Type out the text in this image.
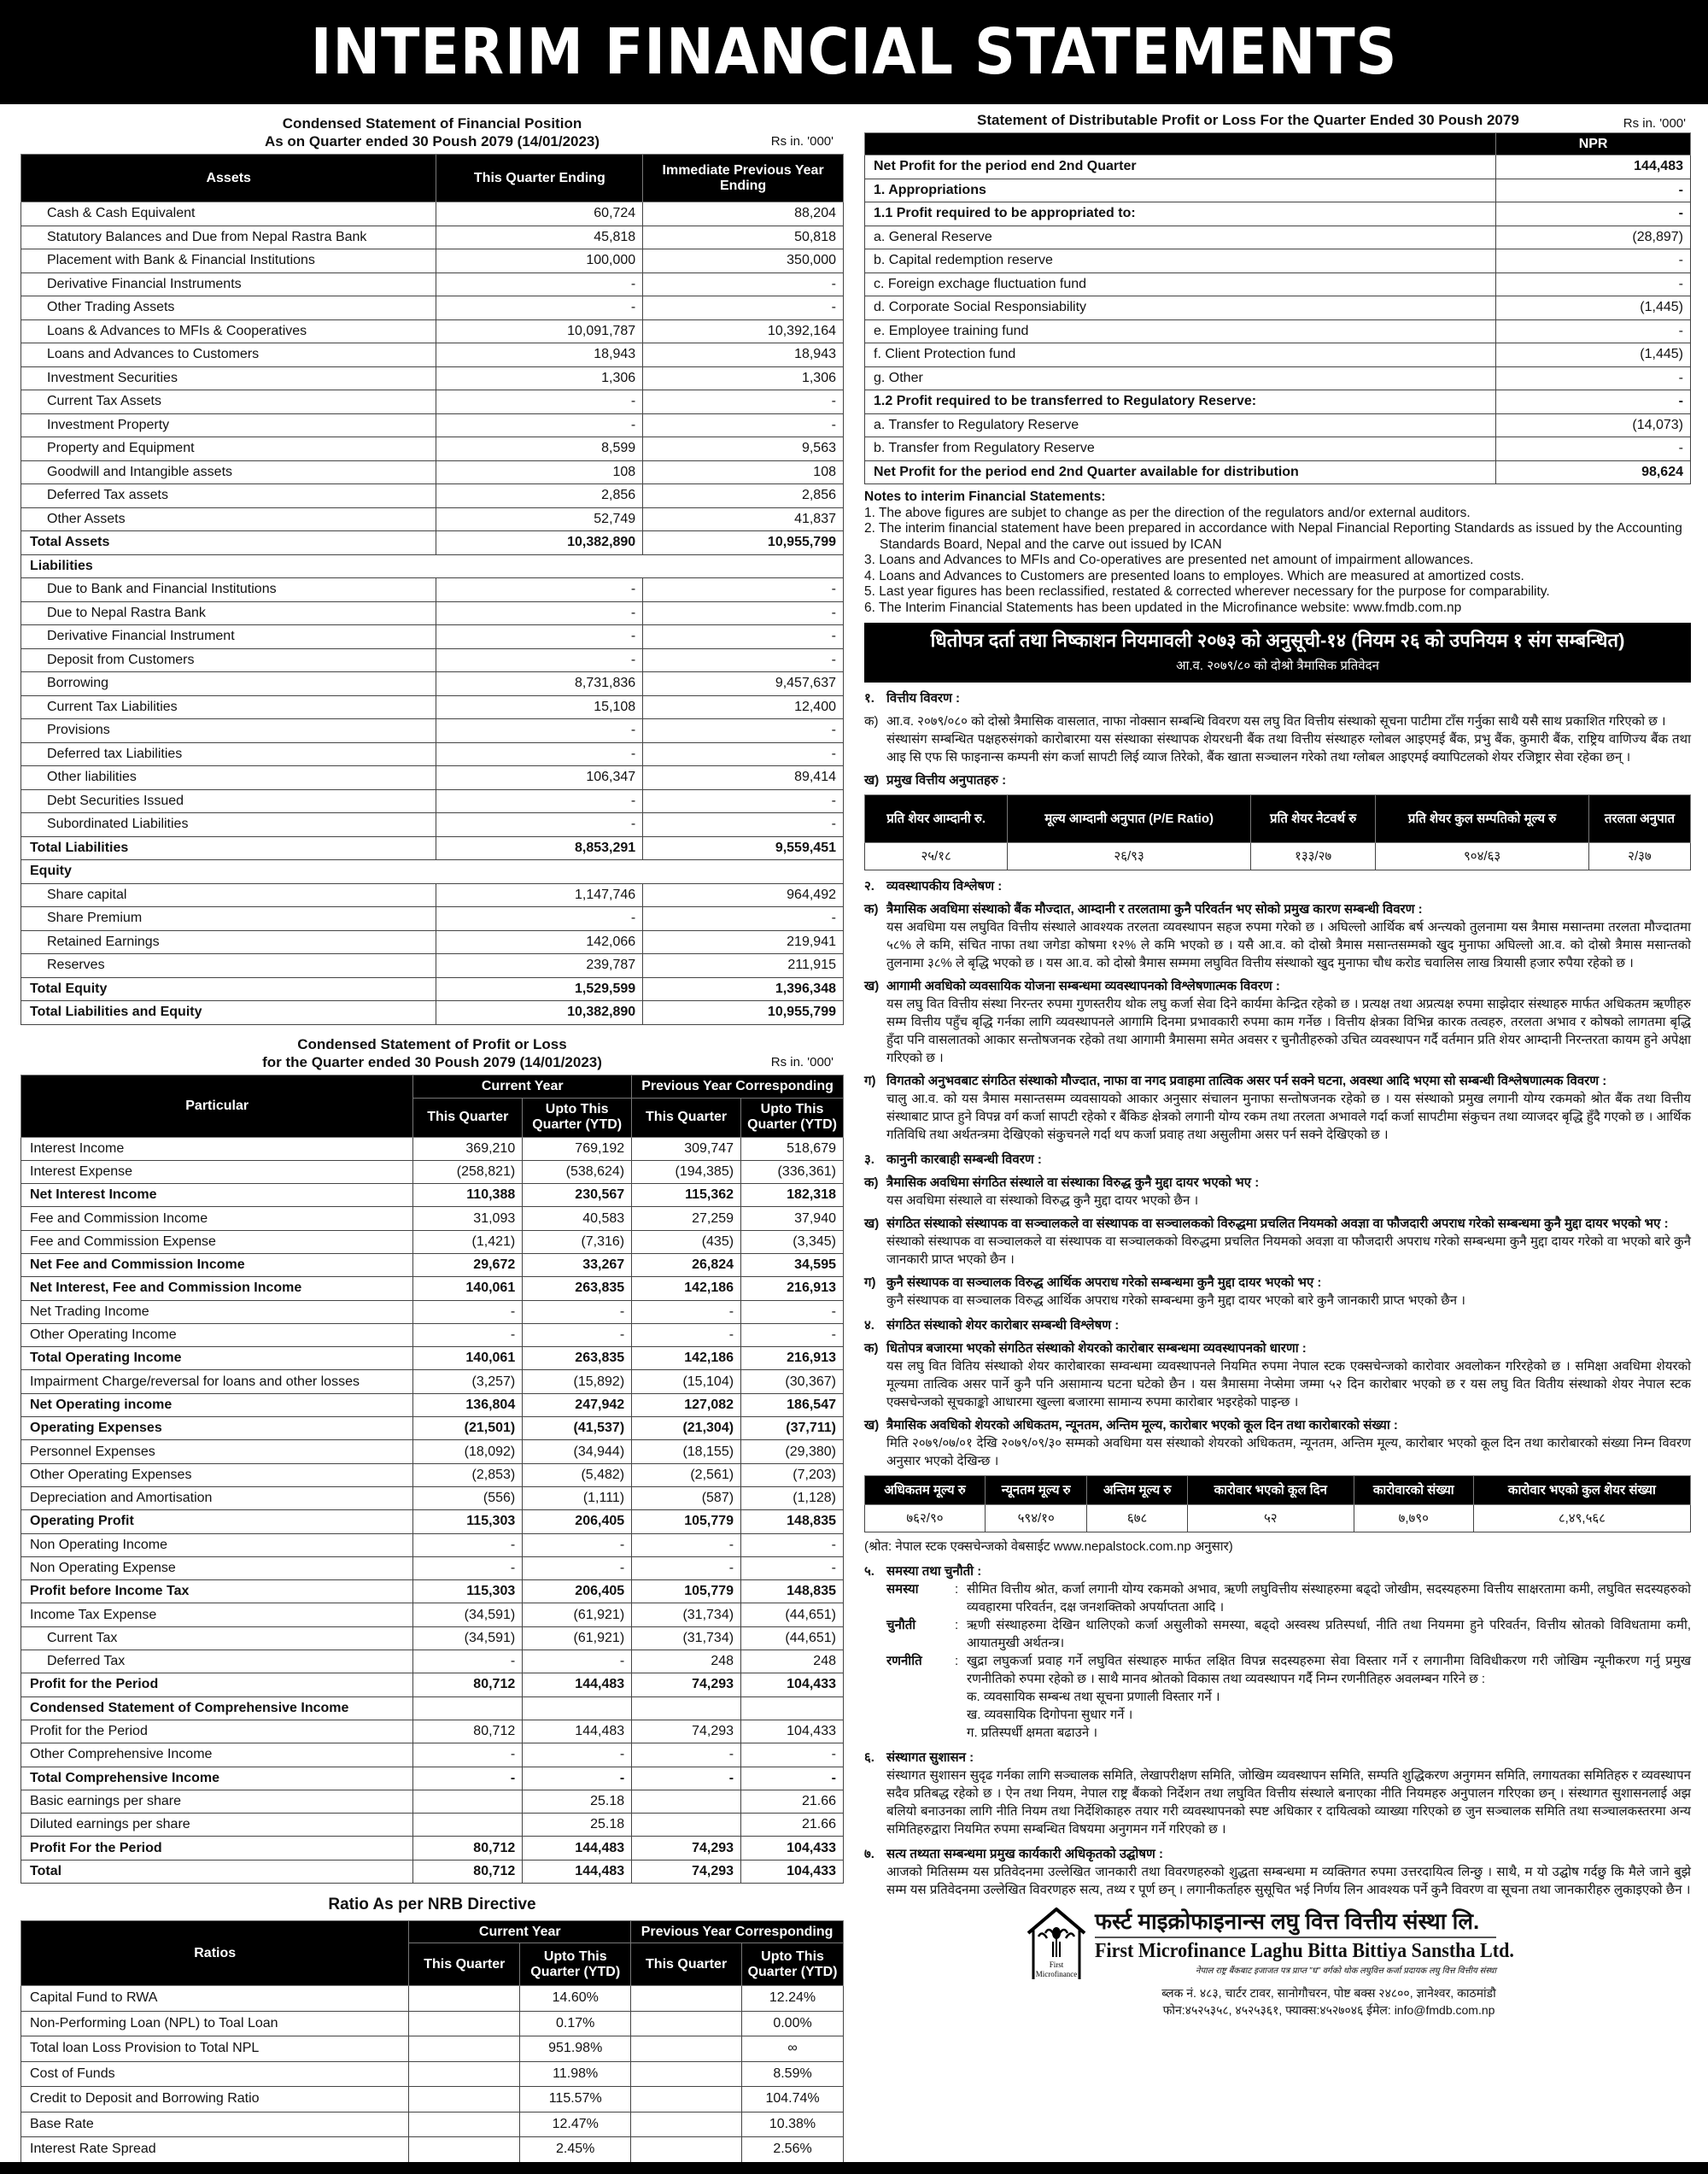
INTERIM FINANCIAL STATEMENTS
Condensed Statement of Financial Position
As on Quarter ended 30 Poush 2079 (14/01/2023)	Rs in. '000'
Assets	This Quarter Ending	Immediate Previous Year Ending
Cash & Cash Equivalent	60,724	88,204
Statutory Balances and Due from Nepal Rastra Bank	45,818	50,818
Placement with Bank & Financial Institutions	100,000	350,000
Derivative Financial Instruments	-	-
Other Trading Assets	-	-
Loans & Advances to MFIs & Cooperatives	10,091,787	10,392,164
Loans and Advances to Customers	18,943	18,943
Investment Securities	1,306	1,306
Current Tax Assets	-	-
Investment Property	-	-
Property and Equipment	8,599	9,563
Goodwill and Intangible assets	108	108
Deferred Tax assets	2,856	2,856
Other Assets	52,749	41,837
Total Assets	10,382,890	10,955,799
Liabilities		
Due to Bank and Financial Institutions	-	-
Due to Nepal Rastra Bank	-	-
Derivative Financial Instrument	-	-
Deposit from Customers	-	-
Borrowing	8,731,836	9,457,637
Current Tax Liabilities	15,108	12,400
Provisions	-	-
Deferred tax Liabilities	-	-
Other liabilities	106,347	89,414
Debt Securities Issued	-	-
Subordinated Liabilities	-	-
Total Liabilities	8,853,291	9,559,451
Equity		
Share capital	1,147,746	964,492
Share Premium	-	-
Retained Earnings	142,066	219,941
Reserves	239,787	211,915
Total Equity	1,529,599	1,396,348
Total Liabilities and Equity	10,382,890	10,955,799
Condensed Statement of Profit or Loss
for the Quarter ended 30 Poush 2079 (14/01/2023)	Rs in. '000'
Particular	Current Year		Previous Year Corresponding	
	This Quarter	Upto This Quarter (YTD)	This Quarter	Upto This Quarter (YTD)
Interest Income	369,210	769,192	309,747	518,679
Interest Expense	(258,821)	(538,624)	(194,385)	(336,361)
Net Interest Income	110,388	230,567	115,362	182,318
Fee and Commission Income	31,093	40,583	27,259	37,940
Fee and Commission Expense	(1,421)	(7,316)	(435)	(3,345)
Net Fee and Commission Income	29,672	33,267	26,824	34,595
Net Interest, Fee and Commission Income	140,061	263,835	142,186	216,913
Net Trading Income	-	-	-	-
Other Operating Income	-	-	-	-
Total Operating Income	140,061	263,835	142,186	216,913
Impairment Charge/reversal for loans and other losses	(3,257)	(15,892)	(15,104)	(30,367)
Net Operating income	136,804	247,942	127,082	186,547
Operating Expenses	(21,501)	(41,537)	(21,304)	(37,711)
Personnel Expenses	(18,092)	(34,944)	(18,155)	(29,380)
Other Operating Expenses	(2,853)	(5,482)	(2,561)	(7,203)
Depreciation and Amortisation	(556)	(1,111)	(587)	(1,128)
Operating Profit	115,303	206,405	105,779	148,835
Non Operating Income	-	-	-	-
Non Operating Expense	-	-	-	-
Profit before Income Tax	115,303	206,405	105,779	148,835
Income Tax Expense	(34,591)	(61,921)	(31,734)	(44,651)
Current Tax	(34,591)	(61,921)	(31,734)	(44,651)
Deferred Tax	-	-	248	248
Profit for the Period	80,712	144,483	74,293	104,433
Condensed Statement of Comprehensive Income				
Profit for the Period	80,712	144,483	74,293	104,433
Other Comprehensive Income	-	-	-	-
Total Comprehensive Income	-	-	-	-
Basic earnings per share		25.18		21.66
Diluted earnings per share		25.18		21.66
Profit For the Period	80,712	144,483	74,293	104,433
Total	80,712	144,483	74,293	104,433
Ratio As per NRB Directive
Ratios	Current Year		Previous Year Corresponding	
	This Quarter	Upto This Quarter (YTD)	This Quarter	Upto This Quarter (YTD)
Capital Fund to RWA		14.60%		12.24%
Non-Performing Loan (NPL) to Toal Loan		0.17%		0.00%
Total loan Loss Provision to Total NPL		951.98%		∞
Cost of Funds		11.98%		8.59%
Credit to Deposit and Borrowing Ratio		115.57%		104.74%
Base Rate		12.47%		10.38%
Interest Rate Spread		2.45%		2.56%
Statement of Distributable Profit or Loss For the Quarter Ended 30 Poush 2079	Rs in. '000'
	NPR
Net Profit for the period end 2nd Quarter	144,483
1. Appropriations	-
1.1 Profit required to be appropriated to:	-
a. General Reserve	(28,897)
b. Capital redemption reserve	-
c. Foreign exchage fluctuation fund	-
d. Corporate Social Responsiability	(1,445)
e. Employee training fund	-
f. Client Protection fund	(1,445)
g. Other	-
1.2 Profit required to be transferred to Regulatory Reserve:	-
a. Transfer to Regulatory Reserve	(14,073)
b. Transfer from Regulatory Reserve	-
Net Profit for the period end 2nd Quarter available for distribution	98,624
Notes to interim Financial Statements:
1. The above figures are subjet to change as per the direction of the regulators and/or external auditors.
2. The interim financial statement have been prepared in accordance with Nepal Financial Reporting Standards as issued by the Accounting Standards Board, Nepal and the carve out issued by ICAN
3. Loans and Advances to MFIs and Co-operatives are presented net amount of impairment allowances.
4. Loans and Advances to Customers are presented loans to employes. Which are measured at amortized costs.
5. Last year figures has been reclassified, restated & corrected wherever necessary for the purpose for comparability.
6. The Interim Financial Statements has been updated in the Microfinance website: www.fmdb.com.np
धितोपत्र दर्ता तथा निष्काशन नियमावली २०७३ को अनुसूची-१४ (नियम २६ को उपनियम १ संग सम्बन्धित)
आ.व. २०७९/८० को दोश्रो त्रैमासिक प्रतिवेदन
१. वित्तीय विवरण :
क) आ.व. २०७९/०८० को दोस्रो त्रैमासिक वासलात, नाफा नोक्सान सम्बन्धि विवरण यस लघु वित वित्तीय संस्थाको सूचना पाटीमा टाँस गर्नुका साथै यसै साथ प्रकाशित गरिएको छ ।
संस्थासंग सम्बन्धित पक्षहरुसंगको कारोबारमा यस संस्थाका संस्थापक शेयरधनी बैंक तथा वित्तीय संस्थाहरु ग्लोबल आइएमई बैंक, प्रभु बैंक, कुमारी बैंक, राष्ट्रिय वाणिज्य बैंक तथा आइ सि एफ सि फाइनान्स कम्पनी संग कर्जा सापटी लिई व्याज तिरेको, बैंक खाता सञ्चालन गरेको तथा ग्लोबल आइएमई क्यापिटलको शेयर रजिष्ट्रार सेवा रहेका छन् ।
ख) प्रमुख वित्तीय अनुपातहरु :
प्रति शेयर आम्दानी रु.	मूल्य आम्दानी अनुपात (P/E Ratio)	प्रति शेयर नेटवर्थ रु	प्रति शेयर कुल सम्पतिको मूल्य रु	तरलता अनुपात
२५/१८	२६/९३	१३३/२७	९०४/६३	२/३७
२. व्यवस्थापकीय विश्लेषण :
क) त्रैमासिक अवधिमा संस्थाको बैंक मौज्दात, आम्दानी र तरलतामा कुनै परिवर्तन भए सोको प्रमुख कारण सम्बन्धी विवरण :
यस अवधिमा यस लघुवित वित्तीय संस्थाले आवश्यक तरलता व्यवस्थापन सहज रुपमा गरेको छ । अघिल्लो आर्थिक बर्ष अन्त्यको तुलनामा यस त्रैमास मसान्तमा तरलता मौज्दातमा ५८% ले कमि, संचित नाफा तथा जगेडा कोषमा १२% ले कमि भएको छ । यसै आ.व. को दोस्रो त्रैमास मसान्तसम्मको खुद मुनाफा अघिल्लो आ.व. को दोस्रो त्रैमास मसान्तको तुलनामा ३८% ले बृद्धि भएको छ । यस आ.व. को दोस्रो त्रैमास सम्ममा लघुवित वित्तीय संस्थाको खुद मुनाफा चौध करोड चवालिस लाख त्रियासी हजार रुपैया रहेको छ ।
ख) आगामी अवधिको व्यवसायिक योजना सम्बन्धमा व्यवस्थापनको विश्लेषणात्मक विवरण :
यस लघु वित वित्तीय संस्था निरन्तर रुपमा गुणस्तरीय थोक लघु कर्जा सेवा दिने कार्यमा केन्द्रित रहेको छ । प्रत्यक्ष तथा अप्रत्यक्ष रुपमा साझेदार संस्थाहरु मार्फत अधिकतम ऋणीहरु सम्म वित्तीय पहुँच बृद्धि गर्नका लागि व्यवस्थापनले आगामि दिनमा प्रभावकारी रुपमा काम गर्नेछ । वित्तीय क्षेत्रका विभिन्न कारक तत्वहरु, तरलता अभाव र कोषको लागतमा बृद्धि हुँदा पनि वासलातको आकार सन्तोषजनक रहेको तथा आगामी त्रैमासमा समेत अवसर र चुनौतीहरुको उचित व्यवस्थापन गर्दै वर्तमान प्रति शेयर आम्दानी निरन्तरता कायम हुने अपेक्षा गरिएको छ ।
ग) विगतको अनुभवबाट संगठित संस्थाको मौज्दात, नाफा वा नगद प्रवाहमा तात्विक असर पर्न सक्ने घटना, अवस्था आदि भएमा सो सम्बन्धी विश्लेषणात्मक विवरण :
चालु आ.व. को यस त्रैमास मसान्तसम्म व्यवसायको आकार अनुसार संचालन मुनाफा सन्तोषजनक रहेको छ । यस संस्थाको प्रमुख लगानी योग्य रकमको श्रोत बैंक तथा वित्तीय संस्थाबाट प्राप्त हुने विपन्न वर्ग कर्जा सापटी रहेको र बैंकिङ क्षेत्रको लगानी योग्य रकम तथा तरलता अभावले गर्दा कर्जा सापटीमा संकुचन तथा व्याजदर बृद्धि हुँदै गएको छ । आर्थिक गतिविधि तथा अर्थतन्त्रमा देखिएको संकुचनले गर्दा थप कर्जा प्रवाह तथा असुलीमा असर पर्न सक्ने देखिएको छ ।
३. कानुनी कारबाही सम्बन्धी विवरण :
क) त्रैमासिक अवधिमा संगठित संस्थाले वा संस्थाका विरुद्ध कुनै मुद्दा दायर भएको भए :
यस अवधिमा संस्थाले वा संस्थाको विरुद्ध कुनै मुद्दा दायर भएको छैन ।
ख) संगठित संस्थाको संस्थापक वा सञ्चालकले वा संस्थापक वा सञ्चालकको विरुद्धमा प्रचलित नियमको अवज्ञा वा फौजदारी अपराध गरेको सम्बन्धमा कुनै मुद्दा दायर भएको भए :
संस्थाको संस्थापक वा सञ्चालकले वा संस्थापक वा सञ्चालकको विरुद्धमा प्रचलित नियमको अवज्ञा वा फौजदारी अपराध गरेको सम्बन्धमा कुनै मुद्दा दायर गरेको वा भएको बारे कुनै जानकारी प्राप्त भएको छैन ।
ग) कुनै संस्थापक वा सञ्चालक विरुद्ध आर्थिक अपराध गरेको सम्बन्धमा कुनै मुद्दा दायर भएको भए :
कुनै संस्थापक वा सञ्चालक विरुद्ध आर्थिक अपराध गरेको सम्बन्धमा कुनै मुद्दा दायर भएको बारे कुनै जानकारी प्राप्त भएको छैन ।
४. संगठित संस्थाको शेयर कारोबार सम्बन्धी विश्लेषण :
क) धितोपत्र बजारमा भएको संगठित संस्थाको शेयरको कारोबार सम्बन्धमा व्यवस्थापनको धारणा :
यस लघु वित वितिय संस्थाको शेयर कारोबारका सम्वन्धमा व्यवस्थापनले नियमित रुपमा नेपाल स्टक एक्सचेन्जको कारोवार अवलोकन गरिरहेको छ । समिक्षा अवधिमा शेयरको मूल्यमा तात्विक असर पार्ने कुनै पनि असामान्य घटना घटेको छैन । यस त्रैमासमा नेप्सेमा जम्मा ५२ दिन कारोबार भएको छ र यस लघु वित वितीय संस्थाको शेयर नेपाल स्टक एक्सचेन्जको सूचकाङ्को आधारमा खुल्ला बजारमा सामान्य रुपमा कारोबार भइरहेको पाइन्छ ।
ख) त्रैमासिक अवधिको शेयरको अधिकतम, न्यूनतम, अन्तिम मूल्य, कारोबार भएको कूल दिन तथा कारोबारको संख्या :
मिति २०७९/०७/०१ देखि २०७९/०९/३० सम्मको अवधिमा यस संस्थाको शेयरको अधिकतम, न्यूनतम, अन्तिम मूल्य, कारोबार भएको कूल दिन तथा कारोबारको संख्या निम्न विवरण अनुसार भएको देखिन्छ ।
अधिकतम मूल्य रु	न्यूनतम मूल्य रु	अन्तिम मूल्य रु	कारोवार भएको कूल दिन	कारोवारको संख्या	कारोवार भएको कुल शेयर संख्या
७६२/९०	५९४/१०	६७८	५२	७,७९०	८,४९,५६८
(श्रोत: नेपाल स्टक एक्सचेन्जको वेबसाईट www.nepalstock.com.np अनुसार)
५. समस्या तथा चुनौती :
समस्या	: सीमित वित्तीय श्रोत, कर्जा लगानी योग्य रकमको अभाव, ऋणी लघुवित्तीय संस्थाहरुमा बढ्दो जोखीम, सदस्यहरुमा वित्तीय साक्षरतामा कमी, लघुवित सदस्यहरुको व्यवहारमा परिवर्तन, दक्ष जनशक्तिको अपर्याप्तता आदि ।
चुनौती	: ऋणी संस्थाहरुमा देखिन थालिएको कर्जा असुलीको समस्या, बढ्दो अस्वस्थ प्रतिस्पर्धा, नीति तथा नियममा हुने परिवर्तन, वित्तीय स्रोतको विविधतामा कमी, आयातमुखी अर्थतन्त्र।
रणनीति	: खुद्रा लघुकर्जा प्रवाह गर्ने लघुवित संस्थाहरु मार्फत लक्षित विपन्न सदस्यहरुमा सेवा विस्तार गर्ने र लगानीमा विविधीकरण गरी जोखिम न्यूनीकरण गर्नु प्रमुख रणनीतिको रुपमा रहेको छ । साथै मानव श्रोतको विकास तथा व्यवस्थापन गर्दै निम्न रणनीतिहरु अवलम्बन गरिने छ :
क. व्यवसायिक सम्बन्ध तथा सूचना प्रणाली विस्तार गर्ने ।
ख. व्यवसायिक दिगोपना सुधार गर्ने ।
ग. प्रतिस्पर्धी क्षमता बढाउने ।
६. संस्थागत सुशासन :
संस्थागत सुशासन सुदृढ गर्नका लागि सञ्चालक समिति, लेखापरीक्षण समिति, जोखिम व्यवस्थापन समिति, सम्पति शुद्धिकरण अनुगमन समिति, लगायतका समितिहरु र व्यवस्थापन सदैव प्रतिबद्ध रहेको छ । ऐन तथा नियम, नेपाल राष्ट्र बैंकको निर्देशन तथा लघुवित वित्तीय संस्थाले बनाएका नीति नियमहरु अनुपालन गरिएका छन् । संस्थागत सुशासनलाई अझ बलियो बनाउनका लागि नीति नियम तथा निर्देशिकाहरु तयार गरी व्यवस्थापनको स्पष्ट अधिकार र दायित्वको व्याख्या गरिएको छ जुन सञ्चालक समिति तथा सञ्चालकस्तरमा अन्य समितिहरुद्वारा नियमित रुपमा सम्बन्धित विषयमा अनुगमन गर्ने गरिएको छ ।
७. सत्य तथ्यता सम्बन्धमा प्रमुख कार्यकारी अधिकृतको उद्घोषण :
आजको मितिसम्म यस प्रतिवेदनमा उल्लेखित जानकारी तथा विवरणहरुको शुद्धता सम्बन्धमा म व्यक्तिगत रुपमा उत्तरदायित्व लिन्छु । साथै, म यो उद्घोष गर्दछु कि मैले जाने बुझे सम्म यस प्रतिवेदनमा उल्लेखित विवरणहरु सत्य, तथ्य र पूर्ण छन् । लगानीकर्ताहरु सुसूचित भई निर्णय लिन आवश्यक पर्ने कुनै विवरण वा सूचना तथा जानकारीहरु लुकाइएको छैन ।
First
Microfinance
फर्स्ट माइक्रोफाइनान्स लघु वित्त वित्तीय संस्था लि.
First Microfinance Laghu Bitta Bittiya Sanstha Ltd.
नेपाल राष्ट्र बैंकबाट इजाजत पत्र प्राप्त "घ" वर्गको थोक लघुवित्त कर्जा प्रदायक लघु वित्त वित्तीय संस्था
ब्लक नं. ४८३, चार्टर टावर, सानोगौचरन, पोष्ट बक्स २४८००, ज्ञानेश्वर, काठमांडौ
फोन:४५२५३५८, ४५२५३६१, फ्याक्स:४५२७०४६ ईमेल: info@fmdb.com.np
